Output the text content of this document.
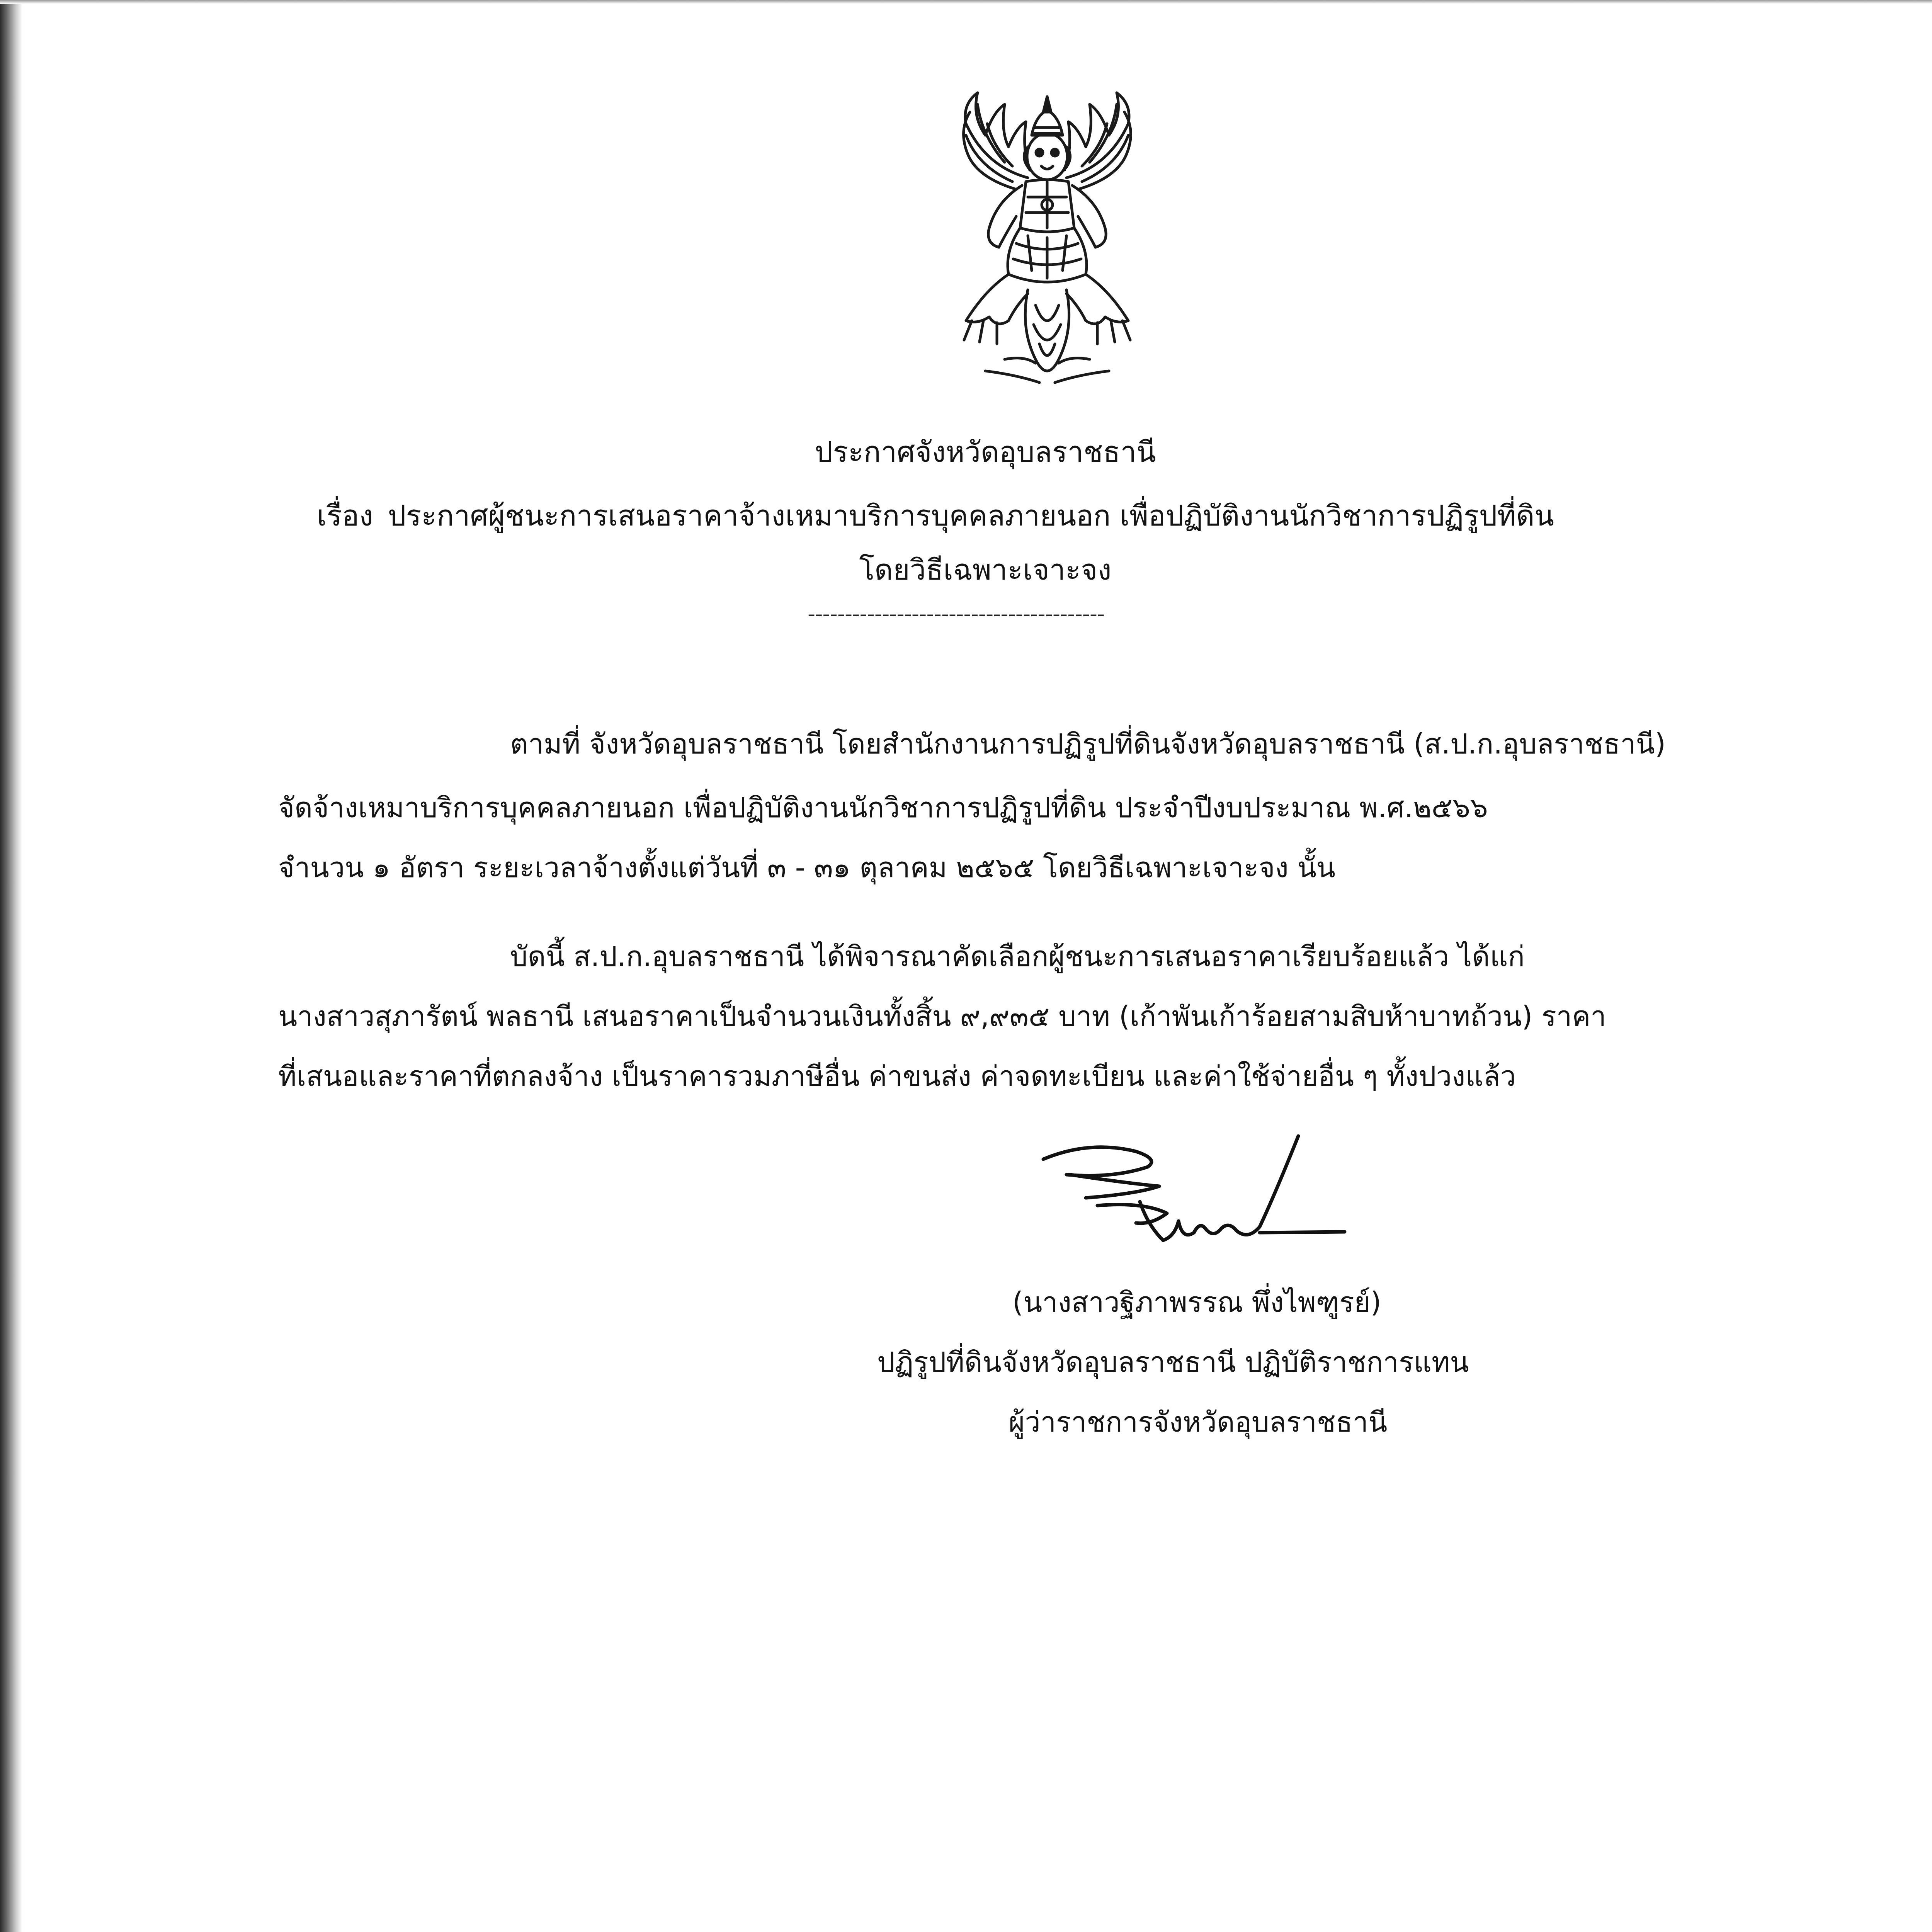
ประกาศจังหวัดอุบลราชธานี
เรื่อง ประกาศผู้ชนะการเสนอราคาจ้างเหมาบริการบุคคลภายนอก เพื่อปฏิบัติงานนักวิชาการปฏิรูปที่ดิน
โดยวิธีเฉพาะเจาะจง
----------------------------------------
ตามที่ จังหวัดอุบลราชธานี โดยสำนักงานการปฏิรูปที่ดินจังหวัดอุบลราชธานี (ส.ป.ก.อุบลราชธานี)
จัดจ้างเหมาบริการบุคคลภายนอก เพื่อปฏิบัติงานนักวิชาการปฏิรูปที่ดิน ประจำปีงบประมาณ พ.ศ.๒๕๖๖
จำนวน ๑ อัตรา ระยะเวลาจ้างตั้งแต่วันที่ ๓ - ๓๑ ตุลาคม ๒๕๖๕ โดยวิธีเฉพาะเจาะจง นั้น
บัดนี้ ส.ป.ก.อุบลราชธานี ได้พิจารณาคัดเลือกผู้ชนะการเสนอราคาเรียบร้อยแล้ว ได้แก่
นางสาวสุภารัตน์ พลธานี เสนอราคาเป็นจำนวนเงินทั้งสิ้น ๙,๙๓๕ บาท (เก้าพันเก้าร้อยสามสิบห้าบาทถ้วน) ราคา
ที่เสนอและราคาที่ตกลงจ้าง เป็นราคารวมภาษีอื่น ค่าขนส่ง ค่าจดทะเบียน และค่าใช้จ่ายอื่น ๆ ทั้งปวงแล้ว
(นางสาวฐิภาพรรณ พึ่งไพฑูรย์)
ปฏิรูปที่ดินจังหวัดอุบลราชธานี ปฏิบัติราชการแทน
ผู้ว่าราชการจังหวัดอุบลราชธานี
